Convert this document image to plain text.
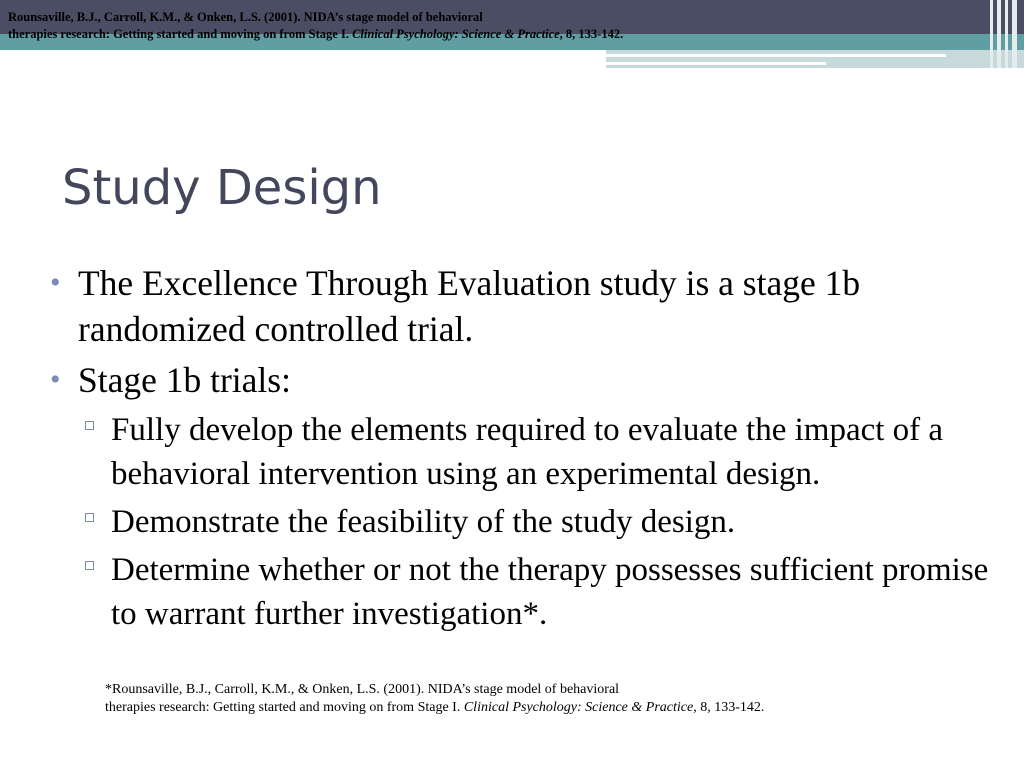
Rounsaville, B.J., Carroll, K.M., & Onken, L.S. (2001). NIDA’s stage model of behavioral
therapies research: Getting started and moving on from Stage I. Clinical Psychology: Science & Practice, 8, 133-142.
Study Design
• The Excellence Through Evaluation study is a stage 1b randomized controlled trial.
• Stage 1b trials:
Fully develop the elements required to evaluate the impact of a behavioral intervention using an experimental design.
Demonstrate the feasibility of the study design.
Determine whether or not the therapy possesses sufficient promise to warrant further investigation*.
*Rounsaville, B.J., Carroll, K.M., & Onken, L.S. (2001). NIDA’s stage model of behavioral
therapies research: Getting started and moving on from Stage I. Clinical Psychology: Science & Practice, 8, 133-142.
